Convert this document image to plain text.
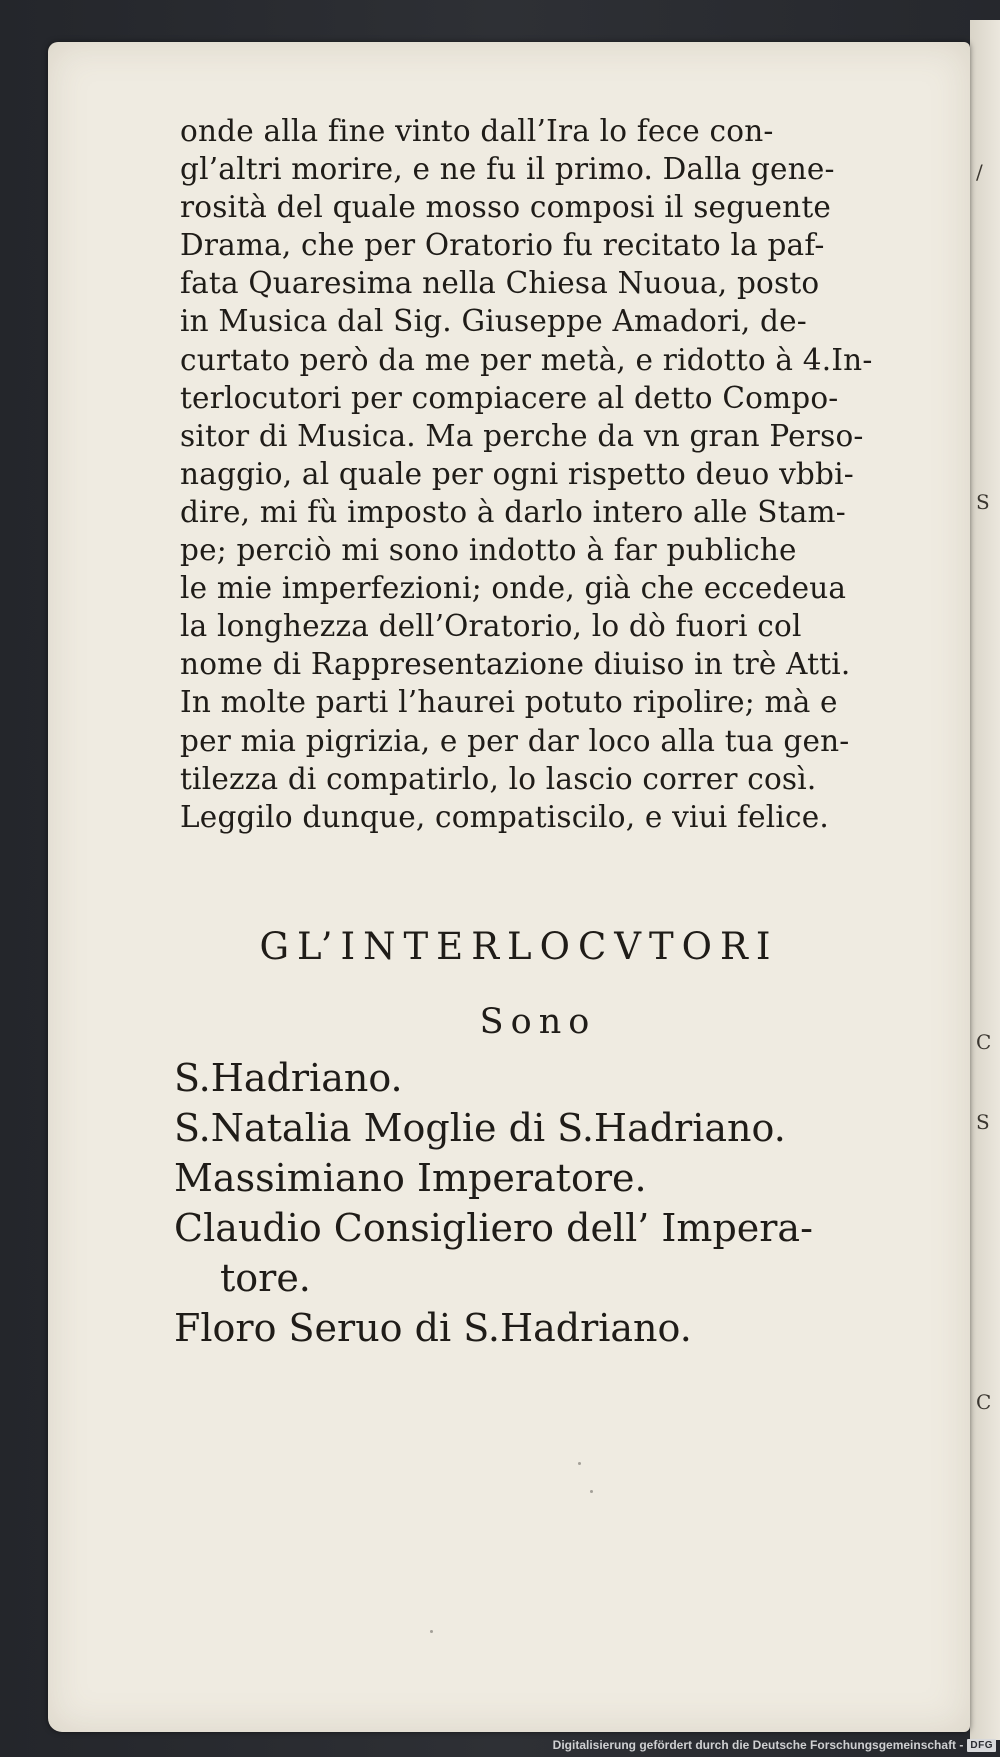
/
S
C
S
C
onde alla fine vinto dall’Ira lo fece con-
gl’altri morire, e ne fu il primo. Dalla gene-
rosità del quale mosso composi il seguente
Drama, che per Oratorio fu recitato la paf-
fata Quaresima nella Chiesa Nuoua, posto
in Musica dal Sig. Giuseppe Amadori, de-
curtato però da me per metà, e ridotto à 4.In-
terlocutori per compiacere al detto Compo-
sitor di Musica. Ma perche da vn gran Perso-
naggio, al quale per ogni rispetto deuo vbbi-
dire, mi fù imposto à darlo intero alle Stam-
pe; perciò mi sono indotto à far publiche
le mie imperfezioni; onde, già che eccedeua
la longhezza dell’Oratorio, lo dò fuori col
nome di Rappresentazione diuiso in trè Atti.
In molte parti l’haurei potuto ripolire; mà e
per mia pigrizia, e per dar loco alla tua gen-
tilezza di compatirlo, lo lascio correr così.
Leggilo dunque, compatiscilo, e viui felice.
GL’INTERLOCVTORI
Sono
S.Hadriano.
S.Natalia Moglie di S.Hadriano.
Massimiano Imperatore.
Claudio Consigliero dell’ Impera-
tore.
Floro Seruo di S.Hadriano.
Digitalisierung gefördert durch die Deutsche Forschungsgemeinschaft - DFG
